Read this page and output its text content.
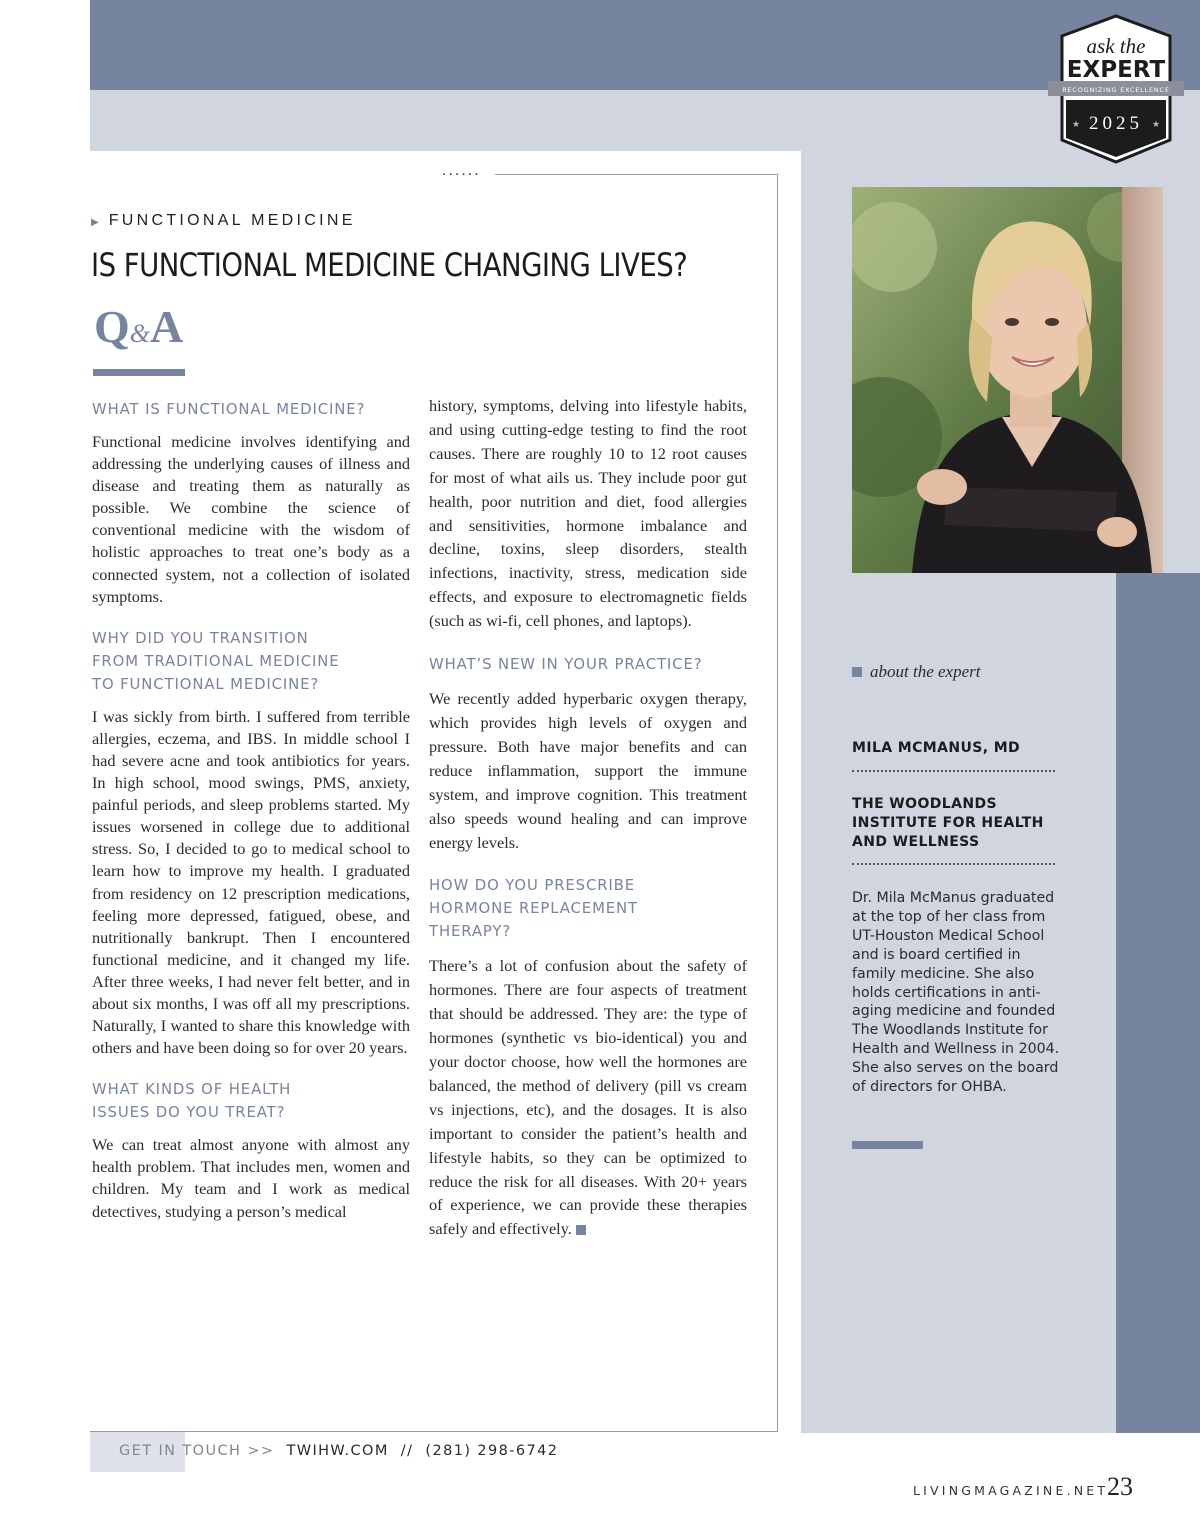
......
ask the
EXPERT
RECOGNIZING EXCELLENCE
★	★
2025
▶ FUNCTIONAL MEDICINE
IS FUNCTIONAL MEDICINE CHANGING LIVES?
Q&A
WHAT IS FUNCTIONAL MEDICINE?

Functional medicine involves identifying and addressing the underlying causes of illness and disease and treating them as naturally as possible. We combine the science of conventional medicine with the wisdom of holistic approaches to treat one’s body as a connected system, not a collection of isolated symptoms.

WHY DID YOU TRANSITION FROM TRADITIONAL MEDICINE TO FUNCTIONAL MEDICINE?

I was sickly from birth. I suffered from terrible allergies, eczema, and IBS. In middle school I had severe acne and took antibiotics for years. In high school, mood swings, PMS, anxiety, painful periods, and sleep problems started. My issues worsened in college due to additional stress. So, I decided to go to medical school to learn how to improve my health. I graduated from residency on 12 prescription medications, feeling more depressed, fatigued, obese, and nutritionally bankrupt. Then I encountered functional medicine, and it changed my life. After three weeks, I had never felt better, and in about six months, I was off all my prescriptions. Naturally, I wanted to share this knowledge with others and have been doing so for over 20 years.

WHAT KINDS OF HEALTH ISSUES DO YOU TREAT?

We can treat almost anyone with almost any health problem. That includes men, women and children. My team and I work as medical detectives, studying a person’s medical

history, symptoms, delving into lifestyle habits, and using cutting-edge testing to find the root causes. There are roughly 10 to 12 root causes for most of what ails us. They include poor gut health, poor nutrition and diet, food allergies and sensitivities, hormone imbalance and decline, toxins, sleep disorders, stealth infections, inactivity, stress, medication side effects, and exposure to electromagnetic fields (such as wi-fi, cell phones, and laptops).

WHAT’S NEW IN YOUR PRACTICE?

We recently added hyperbaric oxygen therapy, which provides high levels of oxygen and pressure. Both have major benefits and can reduce inflammation, support the immune system, and improve cognition. This treatment also speeds wound healing and can improve energy levels.

HOW DO YOU PRESCRIBE HORMONE REPLACEMENT THERAPY?

There’s a lot of confusion about the safety of hormones. There are four aspects of treatment that should be addressed. They are: the type of hormones (synthetic vs bio-identical) you and your doctor choose, how well the hormones are balanced, the method of delivery (pill vs cream vs injections, etc), and the dosages. It is also important to consider the patient’s health and lifestyle habits, so they can be optimized to reduce the risk for all diseases. With 20+ years of experience, we can provide these therapies safely and effectively.

about the expert
MILA MCMANUS, MD
THE WOODLANDS INSTITUTE FOR HEALTH AND WELLNESS
Dr. Mila McManus graduated at the top of her class from UT-Houston Medical School and is board certified in family medicine. She also holds certifications in anti-aging medicine and founded The Woodlands Institute for Health and Wellness in 2004. She also serves on the board of directors for OHBA.
GET IN TOUCH >> TWIHW.COM // (281) 298-6742
LIVINGMAGAZINE.NET
23
